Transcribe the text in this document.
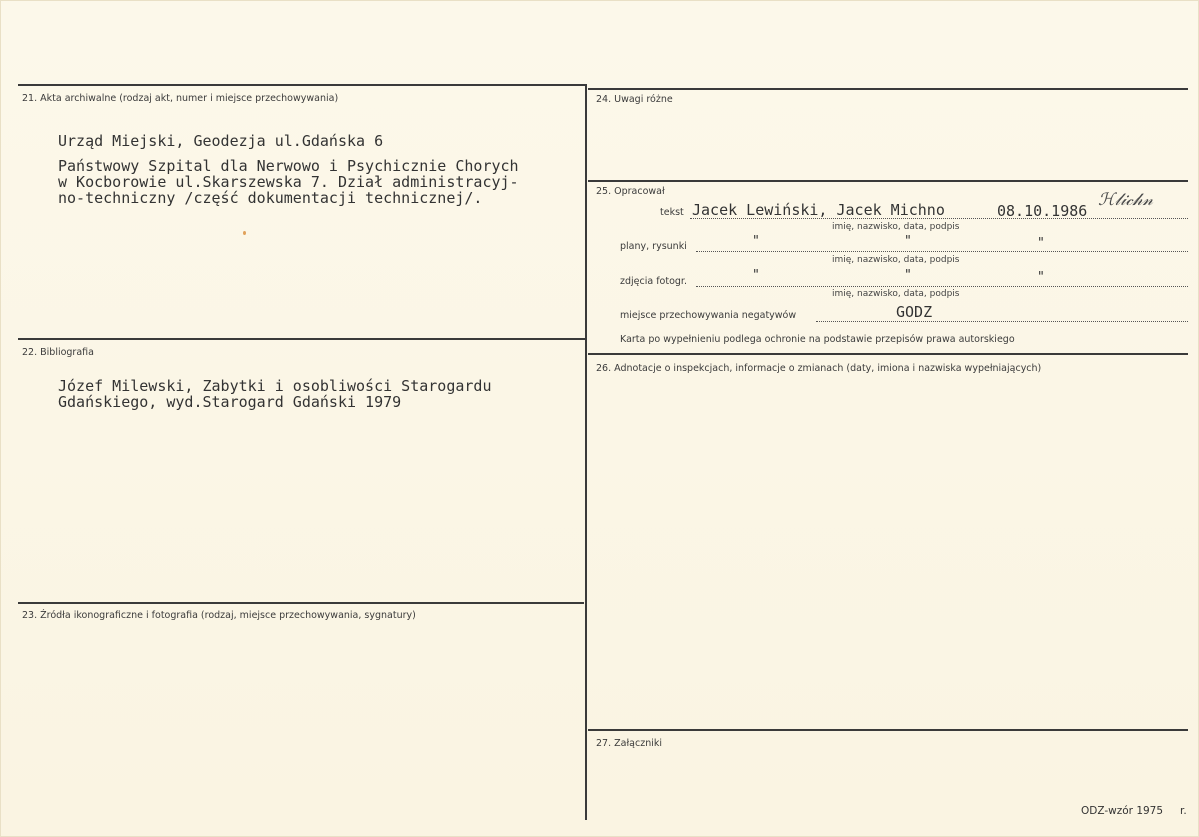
21. Akta archiwalne (rodzaj akt, numer i miejsce przechowywania)
Urząd Miejski, Geodezja ul.Gdańska 6
Państwowy Szpital dla Nerwowo i Psychicznie Chorych
w Kocborowie ul.Skarszewska 7. Dział administracyj-
no-techniczny /część dokumentacji technicznej/.
22. Bibliografia
Józef Milewski, Zabytki i osobliwości Starogardu
Gdańskiego, wyd.Starogard Gdański 1979
23. Źródła ikonograficzne i fotografia (rodzaj, miejsce przechowywania, sygnatury)
24. Uwagi różne
25. Opracował
tekst Jacek Lewiński, Jacek Michno	08.10.1986
ℋ𝓁𝒾𝒸𝒽𝓃
imię, nazwisko, data, podpis
plany, rysunki	"	"	"
imię, nazwisko, data, podpis
zdjęcia fotogr.	"	"	"
imię, nazwisko, data, podpis
miejsce przechowywania negatywów	GODZ
Karta po wypełnieniu podlega ochronie na podstawie przepisów prawa autorskiego
26. Adnotacje o inspekcjach, informacje o zmianach (daty, imiona i nazwiska wypełniających)
27. Załączniki
ODZ-wzór 1975 r.
